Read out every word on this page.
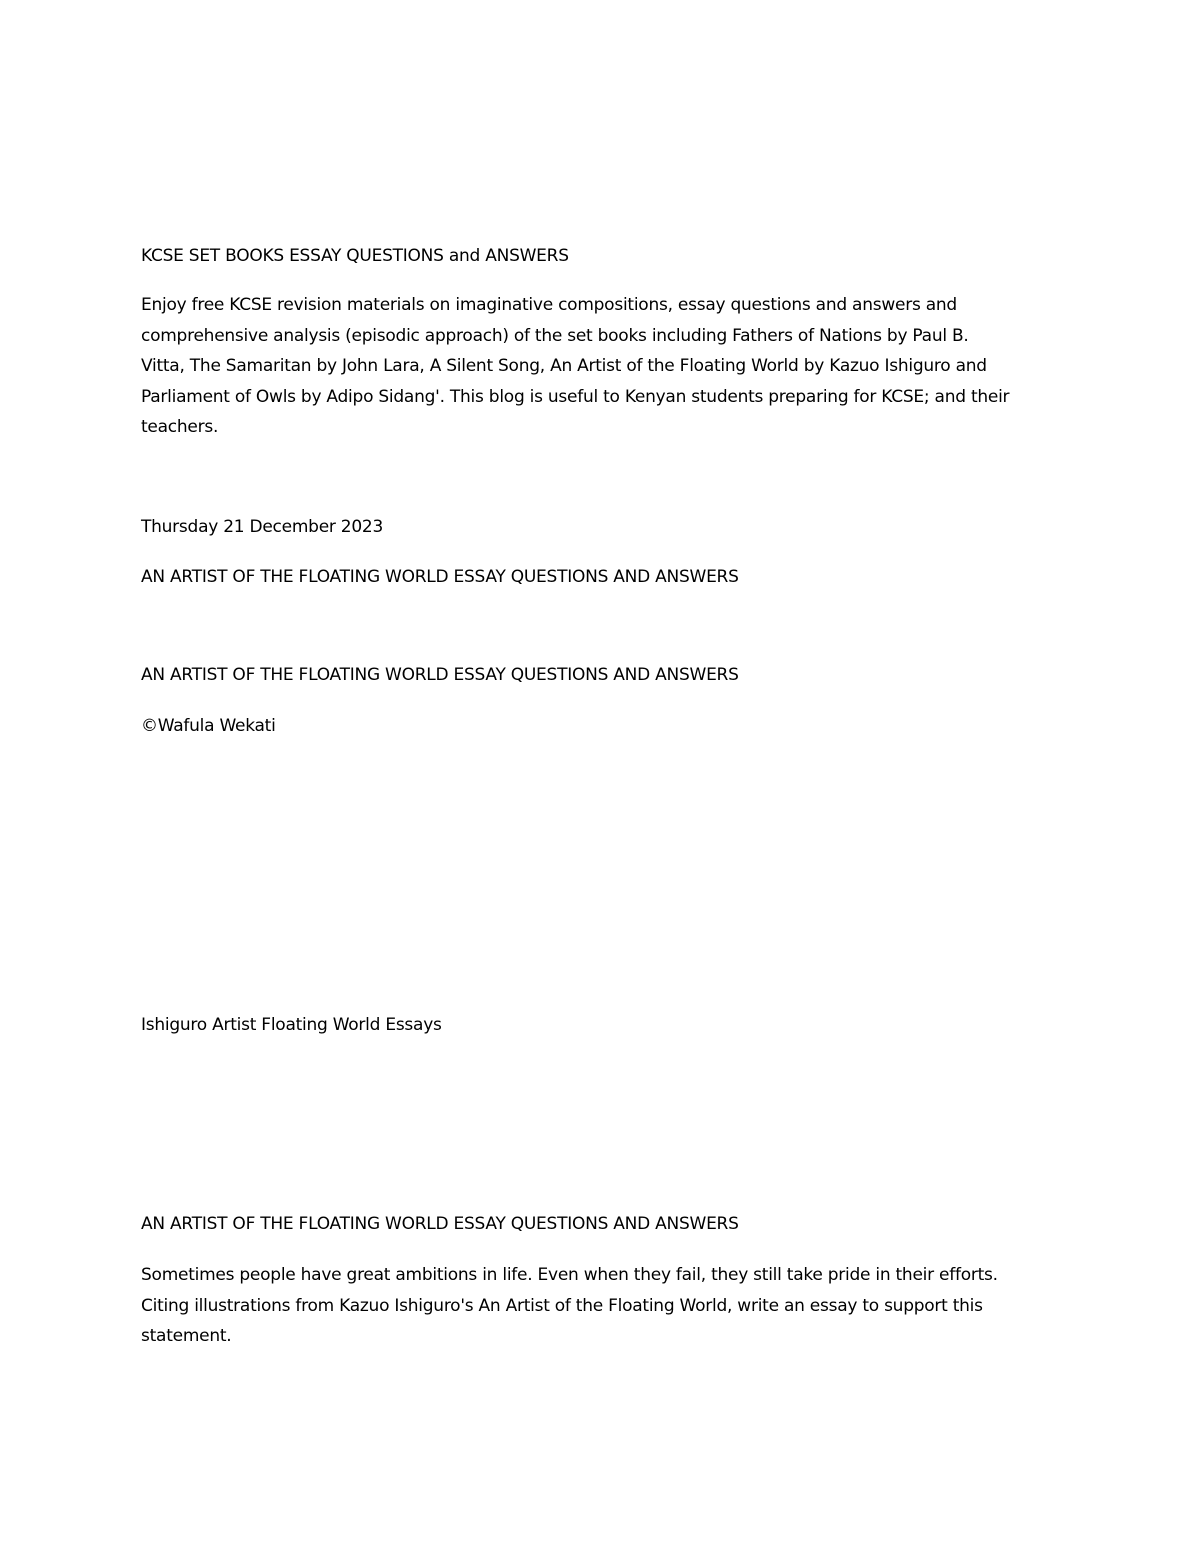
KCSE SET BOOKS ESSAY QUESTIONS and ANSWERS

Enjoy free KCSE revision materials on imaginative compositions, essay questions and answers and
comprehensive analysis (episodic approach) of the set books including Fathers of Nations by Paul B.
Vitta, The Samaritan by John Lara, A Silent Song, An Artist of the Floating World by Kazuo Ishiguro and
Parliament of Owls by Adipo Sidang'. This blog is useful to Kenyan students preparing for KCSE; and their
teachers.

Thursday 21 December 2023

AN ARTIST OF THE FLOATING WORLD ESSAY QUESTIONS AND ANSWERS

AN ARTIST OF THE FLOATING WORLD ESSAY QUESTIONS AND ANSWERS

©Wafula Wekati

Ishiguro Artist Floating World Essays

AN ARTIST OF THE FLOATING WORLD ESSAY QUESTIONS AND ANSWERS

Sometimes people have great ambitions in life. Even when they fail, they still take pride in their efforts.
Citing illustrations from Kazuo Ishiguro's An Artist of the Floating World, write an essay to support this
statement.
